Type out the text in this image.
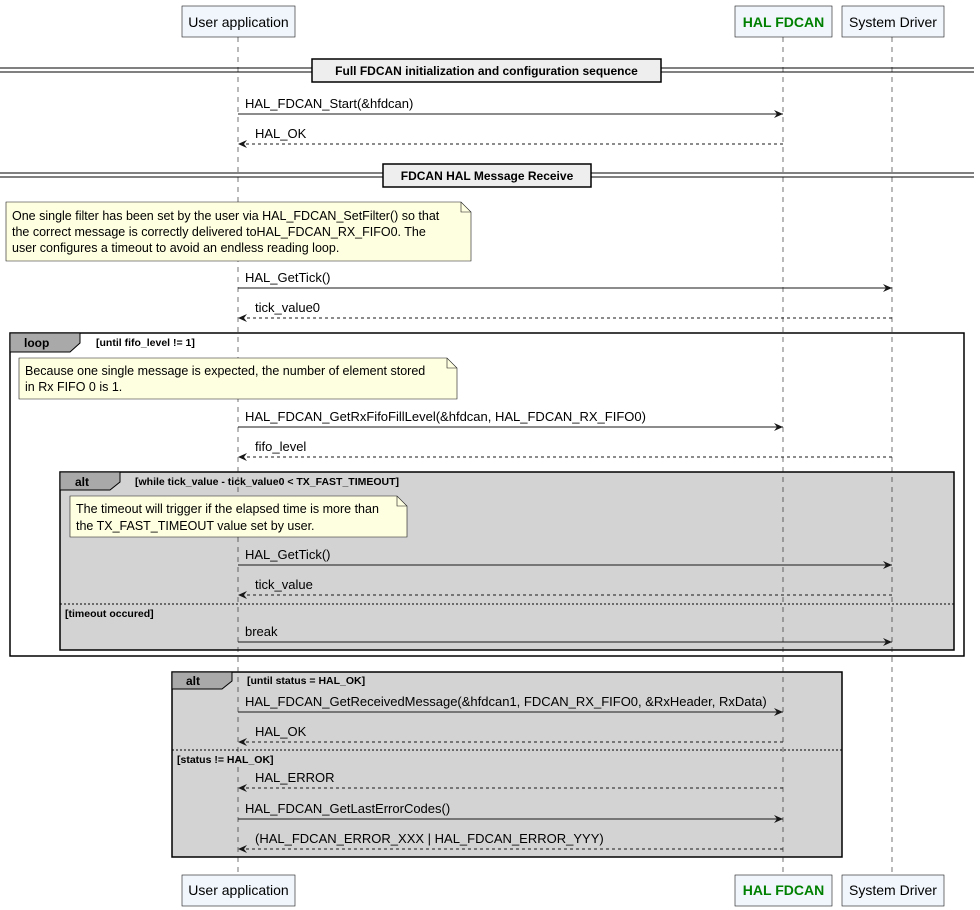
loop	[until fifo_level != 1]
alt	[while tick_value - tick_value0 < TX_FAST_TIMEOUT]
[timeout occured]
alt	[until status = HAL_OK]
[status != HAL_OK]
User application	HAL FDCAN System Driver
User application	HAL FDCAN System Driver
Full FDCAN initialization and configuration sequence
FDCAN HAL Message Receive
One single filter has been set by the user via HAL_FDCAN_SetFilter() so that
the correct message is correctly delivered toHAL_FDCAN_RX_FIFO0. The
user configures a timeout to avoid an endless reading loop.
Because one single message is expected, the number of element stored
in Rx FIFO 0 is 1.
The timeout will trigger if the elapsed time is more than
the TX_FAST_TIMEOUT value set by user.
HAL_FDCAN_Start(&hfdcan)
HAL_OK
HAL_GetTick()
tick_value0
HAL_FDCAN_GetRxFifoFillLevel(&hfdcan, HAL_FDCAN_RX_FIFO0)
fifo_level
HAL_GetTick()
tick_value
break
HAL_FDCAN_GetReceivedMessage(&hfdcan1, FDCAN_RX_FIFO0, &RxHeader, RxData)
HAL_OK
HAL_ERROR
HAL_FDCAN_GetLastErrorCodes()
(HAL_FDCAN_ERROR_XXX | HAL_FDCAN_ERROR_YYY)
